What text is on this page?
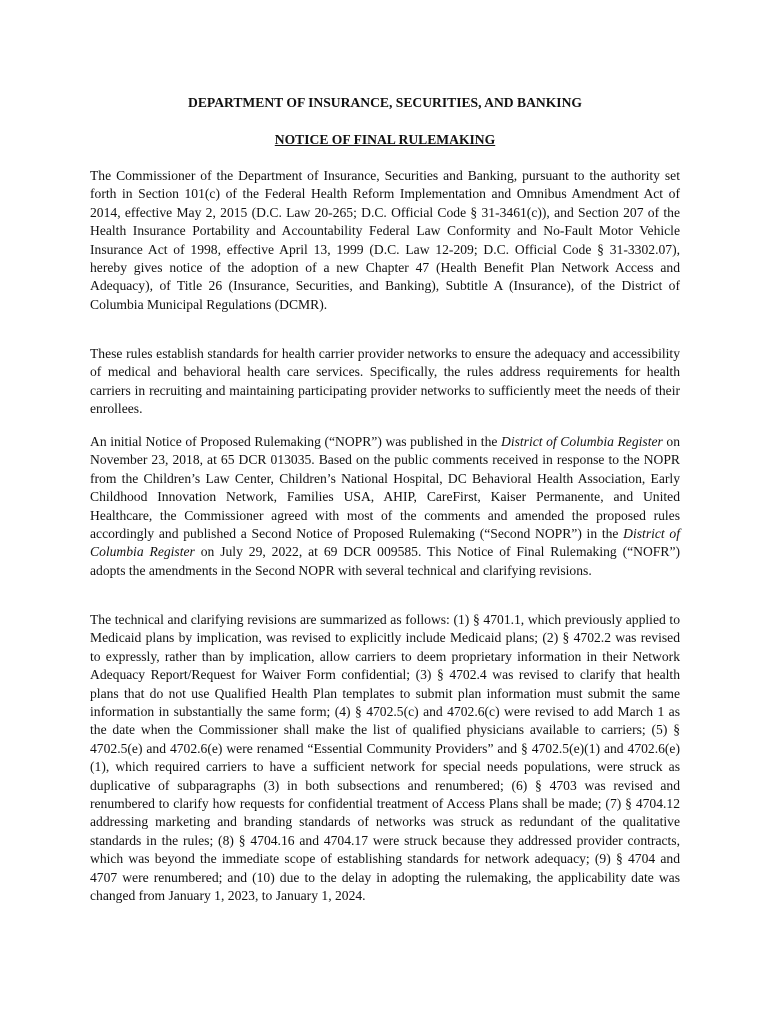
DEPARTMENT OF INSURANCE, SECURITIES, AND BANKING

NOTICE OF FINAL RULEMAKING

The Commissioner of the Department of Insurance, Securities and Banking, pursuant to the authority set forth in Section 101(c) of the Federal Health Reform Implementation and Omnibus Amendment Act of 2014, effective May 2, 2015 (D.C. Law 20-265; D.C. Official Code § 31-3461(c)), and Section 207 of the Health Insurance Portability and Accountability Federal Law Conformity and No-Fault Motor Vehicle Insurance Act of 1998, effective April 13, 1999 (D.C. Law 12-209; D.C. Official Code § 31-3302.07), hereby gives notice of the adoption of a new Chapter 47 (Health Benefit Plan Network Access and Adequacy), of Title 26 (Insurance, Securities, and Banking), Subtitle A (Insurance), of the District of Columbia Municipal Regulations (DCMR).

These rules establish standards for health carrier provider networks to ensure the adequacy and accessibility of medical and behavioral health care services. Specifically, the rules address requirements for health carriers in recruiting and maintaining participating provider networks to sufficiently meet the needs of their enrollees.

An initial Notice of Proposed Rulemaking (“NOPR”) was published in the District of Columbia Register on November 23, 2018, at 65 DCR 013035. Based on the public comments received in response to the NOPR from the Children’s Law Center, Children’s National Hospital, DC Behavioral Health Association, Early Childhood Innovation Network, Families USA, AHIP, CareFirst, Kaiser Permanente, and United Healthcare, the Commissioner agreed with most of the comments and amended the proposed rules accordingly and published a Second Notice of Proposed Rulemaking (“Second NOPR”) in the District of Columbia Register on July 29, 2022, at 69 DCR 009585. This Notice of Final Rulemaking (“NOFR”) adopts the amendments in the Second NOPR with several technical and clarifying revisions.

The technical and clarifying revisions are summarized as follows: (1) § 4701.1, which previously applied to Medicaid plans by implication, was revised to explicitly include Medicaid plans; (2) § 4702.2 was revised to expressly, rather than by implication, allow carriers to deem proprietary information in their Network Adequacy Report/Request for Waiver Form confidential; (3) § 4702.4 was revised to clarify that health plans that do not use Qualified Health Plan templates to submit plan information must submit the same information in substantially the same form; (4) § 4702.5(c) and 4702.6(c) were revised to add March 1 as the date when the Commissioner shall make the list of qualified physicians available to carriers; (5) § 4702.5(e) and 4702.6(e) were renamed “Essential Community Providers” and § 4702.5(e)(1) and 4702.6(e)(1), which required carriers to have a sufficient network for special needs populations, were struck as duplicative of subparagraphs (3) in both subsections and renumbered; (6) § 4703 was revised and renumbered to clarify how requests for confidential treatment of Access Plans shall be made; (7) § 4704.12 addressing marketing and branding standards of networks was struck as redundant of the qualitative standards in the rules; (8) § 4704.16 and 4704.17 were struck because they addressed provider contracts, which was beyond the immediate scope of establishing standards for network adequacy; (9) § 4704 and 4707 were renumbered; and (10) due to the delay in adopting the rulemaking, the applicability date was changed from January 1, 2023, to January 1, 2024.
